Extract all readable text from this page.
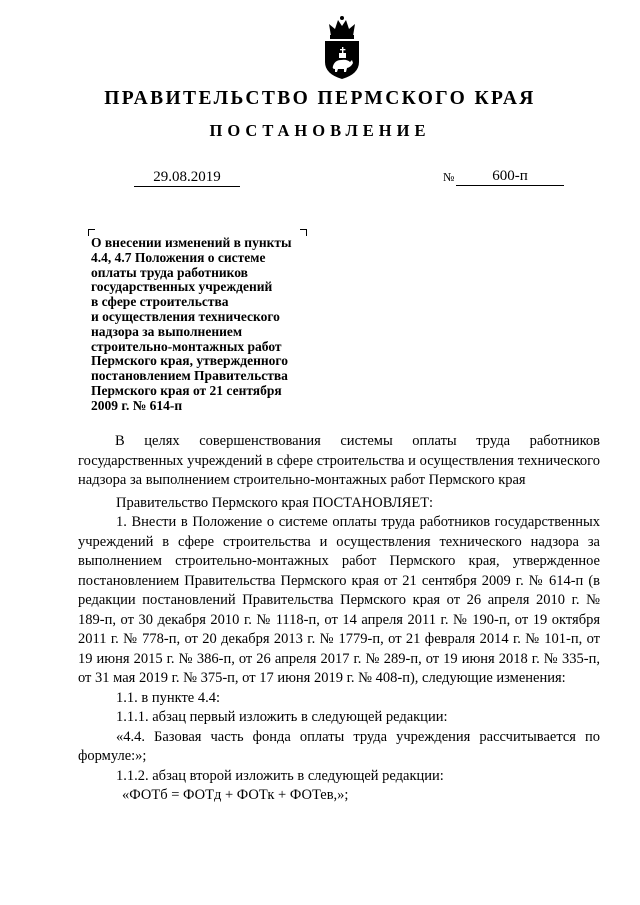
ПРАВИТЕЛЬСТВО ПЕРМСКОГО КРАЯ
ПОСТАНОВЛЕНИЕ
29.08.2019	№	600-п

О внесении изменений в пункты
4.4, 4.7 Положения о системе
оплаты труда работников
государственных учреждений
в сфере строительства
и осуществления технического
надзора за выполнением
строительно-монтажных работ
Пермского края, утвержденного
постановлением Правительства
Пермского края от 21 сентября
2009 г. № 614-п

В целях совершенствования системы оплаты труда работников государственных учреждений в сфере строительства и осуществления технического надзора за выполнением строительно-монтажных работ Пермского края

Правительство Пермского края ПОСТАНОВЛЯЕТ:

1. Внести в Положение о системе оплаты труда работников государственных учреждений в сфере строительства и осуществления технического надзора за выполнением строительно-монтажных работ Пермского края, утвержденное постановлением Правительства Пермского края от 21 сентября 2009 г. № 614-п (в редакции постановлений Правительства Пермского края от 26 апреля 2010 г. № 189-п, от 30 декабря 2010 г. № 1118-п, от 14 апреля 2011 г. № 190-п, от 19 октября 2011 г. № 778-п, от 20 декабря 2013 г. № 1779-п, от 21 февраля 2014 г. № 101-п, от 19 июня 2015 г. № 386-п, от 26 апреля 2017 г. № 289-п, от 19 июня 2018 г. № 335-п, от 31 мая 2019 г. № 375-п, от 17 июня 2019 г. № 408-п), следующие изменения:

1.1. в пункте 4.4:

1.1.1. абзац первый изложить в следующей редакции:

«4.4. Базовая часть фонда оплаты труда учреждения рассчитывается по формуле:»;

1.1.2. абзац второй изложить в следующей редакции:

«ФОТб = ФОТд + ФОТк + ФОТев,»;
